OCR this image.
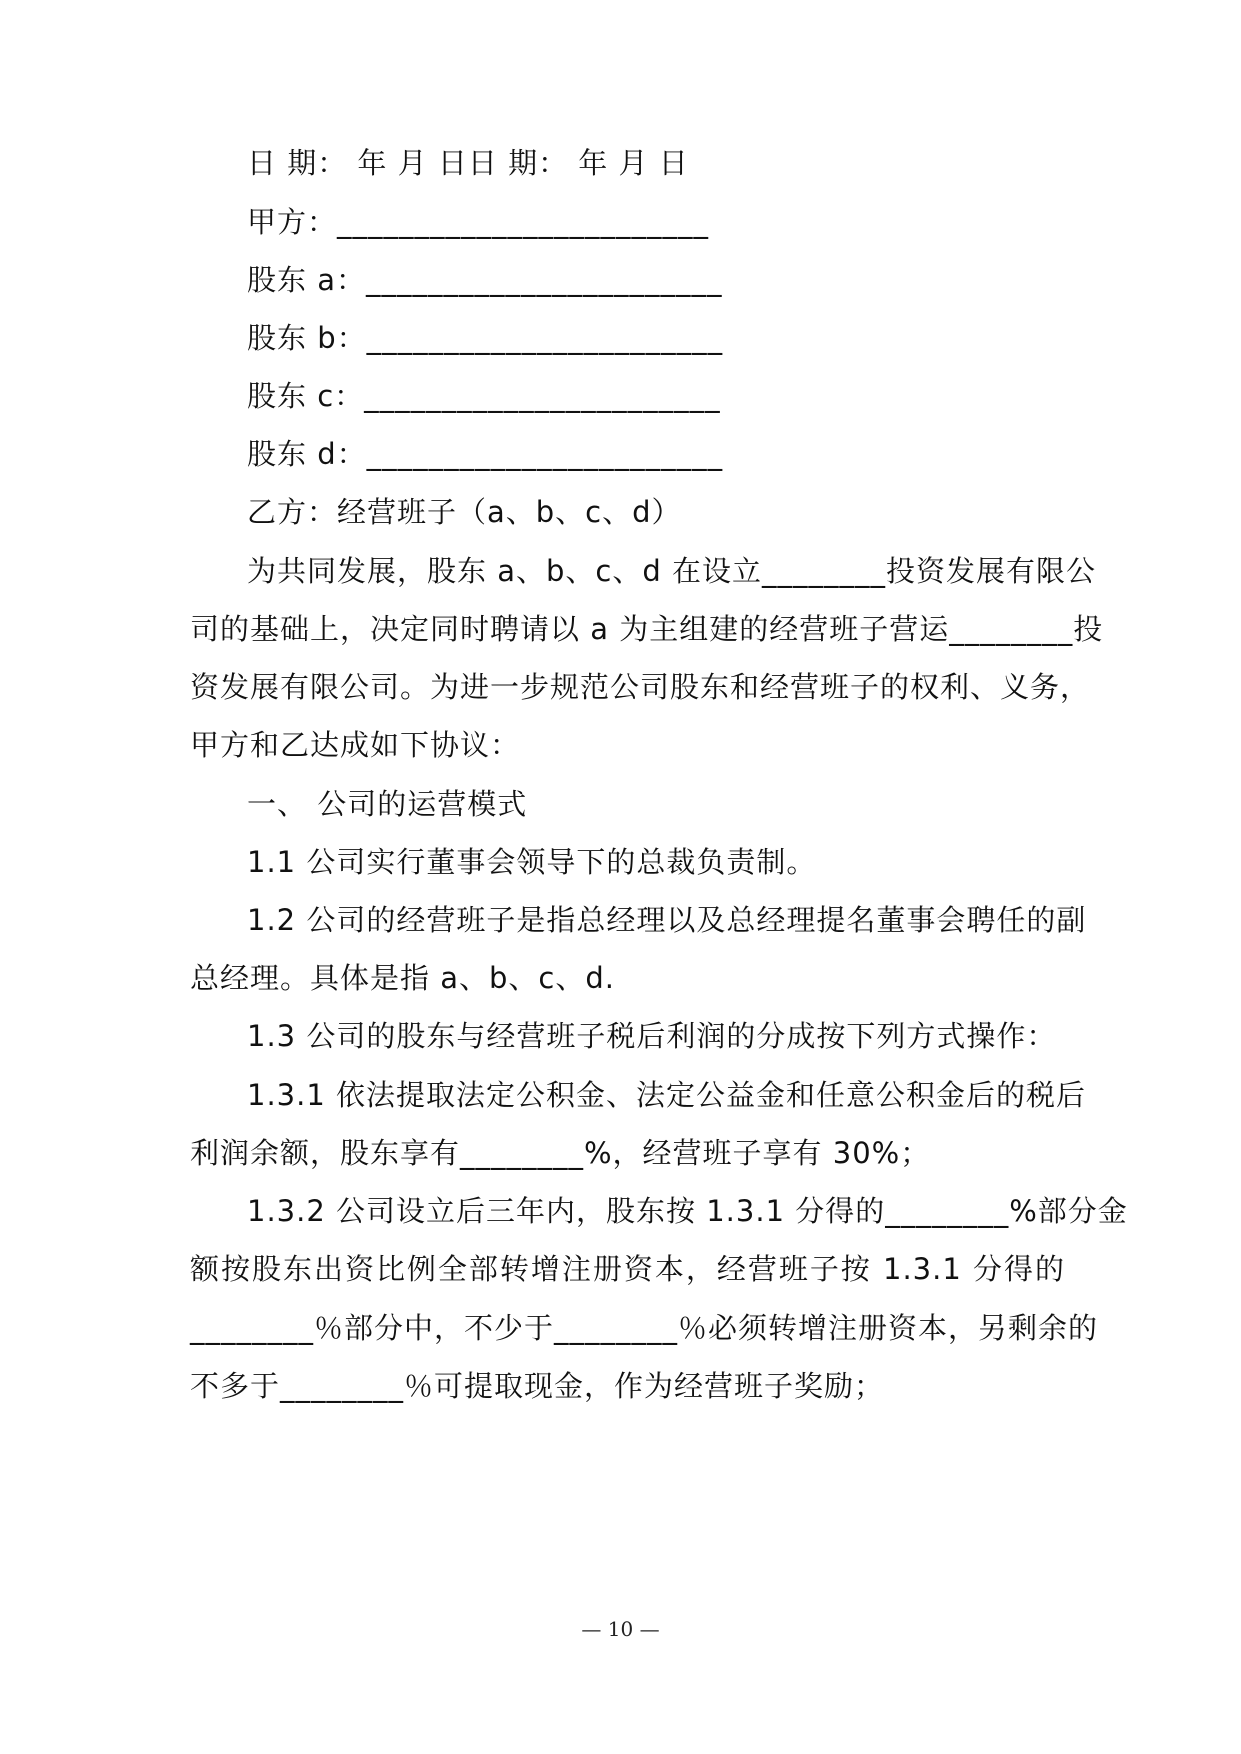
日 期： 年 月 日日 期： 年 月 日
甲方：________________________
股东 a：_______________________
股东 b：_______________________
股东 c：_______________________
股东 d：_______________________
乙方：经营班子（a、b、c、d）
为共同发展，股东 a、b、c、d 在设立________投资发展有限公
司的基础上，决定同时聘请以 a 为主组建的经营班子营运________投
资发展有限公司。为进一步规范公司股东和经营班子的权利、义务，
甲方和乙达成如下协议：
一、 公司的运营模式
1.1 公司实行董事会领导下的总裁负责制。
1.2 公司的经营班子是指总经理以及总经理提名董事会聘任的副
总经理。具体是指 a、b、c、d.
1.3 公司的股东与经营班子税后利润的分成按下列方式操作：
1.3.1 依法提取法定公积金、法定公益金和任意公积金后的税后
利润余额，股东享有________%，经营班子享有 30%；
1.3.2 公司设立后三年内，股东按 1.3.1 分得的________%部分金
额按股东出资比例全部转增注册资本，经营班子按 1.3.1 分得的
________％部分中，不少于________％必须转增注册资本，另剩余的
不多于________％可提取现金，作为经营班子奖励；
— 10 —
